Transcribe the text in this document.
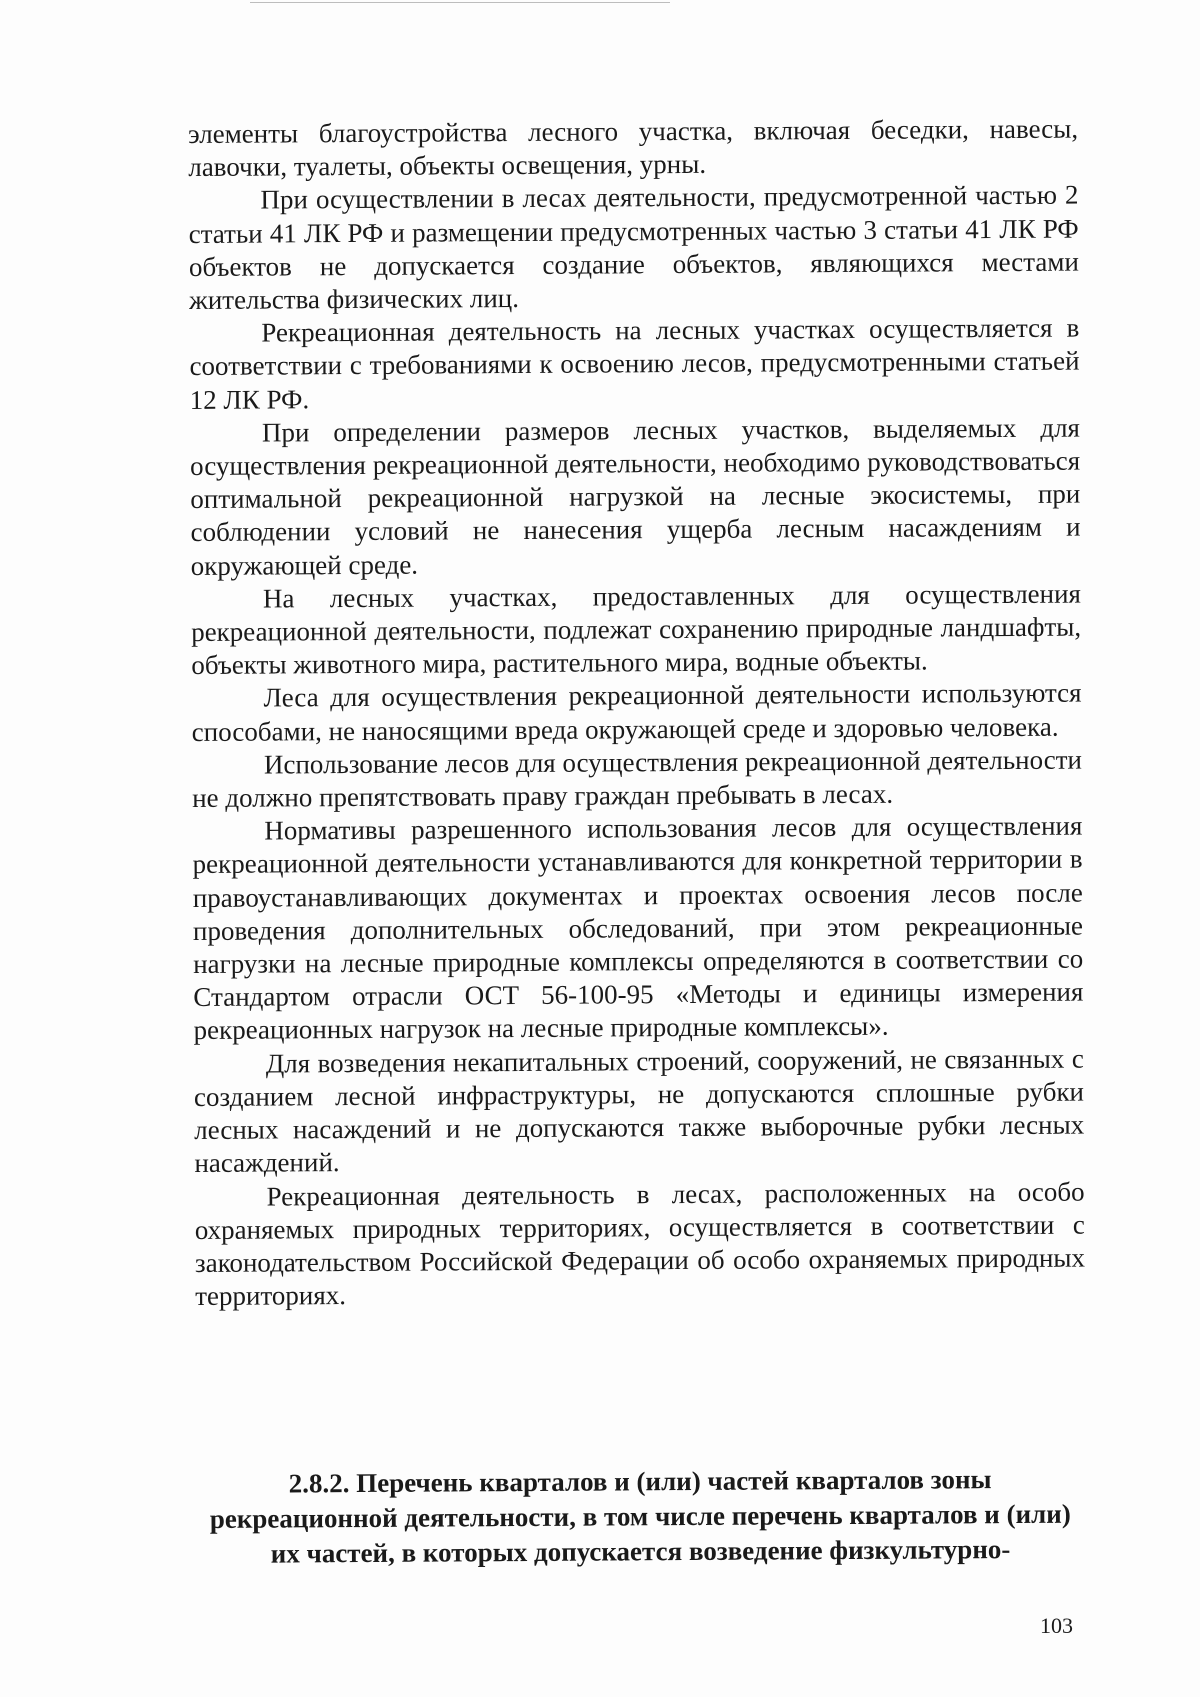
элементы благоустройства лесного участка, включая беседки, навесы, лавочки, туалеты, объекты освещения, урны.

При осуществлении в лесах деятельности, предусмотренной частью 2 статьи 41 ЛК РФ и размещении предусмотренных частью 3 статьи 41 ЛК РФ объектов не допускается создание объектов, являющихся местами жительства физических лиц.

Рекреационная деятельность на лесных участках осуществляется в соответствии с требованиями к освоению лесов, предусмотренными статьей 12 ЛК РФ.

При определении размеров лесных участков, выделяемых для осуществления рекреационной деятельности, необходимо руководствоваться оптимальной рекреационной нагрузкой на лесные экосистемы, при соблюдении условий не нанесения ущерба лесным насаждениям и окружающей среде.

На лесных участках, предоставленных для осуществления рекреационной деятельности, подлежат сохранению природные ландшафты, объекты животного мира, растительного мира, водные объекты.

Леса для осуществления рекреационной деятельности используются способами, не наносящими вреда окружающей среде и здоровью человека.

Использование лесов для осуществления рекреационной деятельности не должно препятствовать праву граждан пребывать в лесах.

Нормативы разрешенного использования лесов для осуществления рекреационной деятельности устанавливаются для конкретной территории в правоустанавливающих документах и проектах освоения лесов после проведения дополнительных обследований, при этом рекреационные нагрузки на лесные природные комплексы определяются в соответствии со Стандартом отрасли ОСТ 56-100-95 «Методы и единицы измерения рекреационных нагрузок на лесные природные комплексы».

Для возведения некапитальных строений, сооружений, не связанных с созданием лесной инфраструктуры, не допускаются сплошные рубки лесных насаждений и не допускаются также выборочные рубки лесных насаждений.

Рекреационная деятельность в лесах, расположенных на особо охраняемых природных территориях, осуществляется в соответствии с законодательством Российской Федерации об особо охраняемых природных территориях.

2.8.2. Перечень кварталов и (или) частей кварталов зоны рекреационной деятельности, в том числе перечень кварталов и (или) их частей, в которых допускается возведение физкультурно-
103
